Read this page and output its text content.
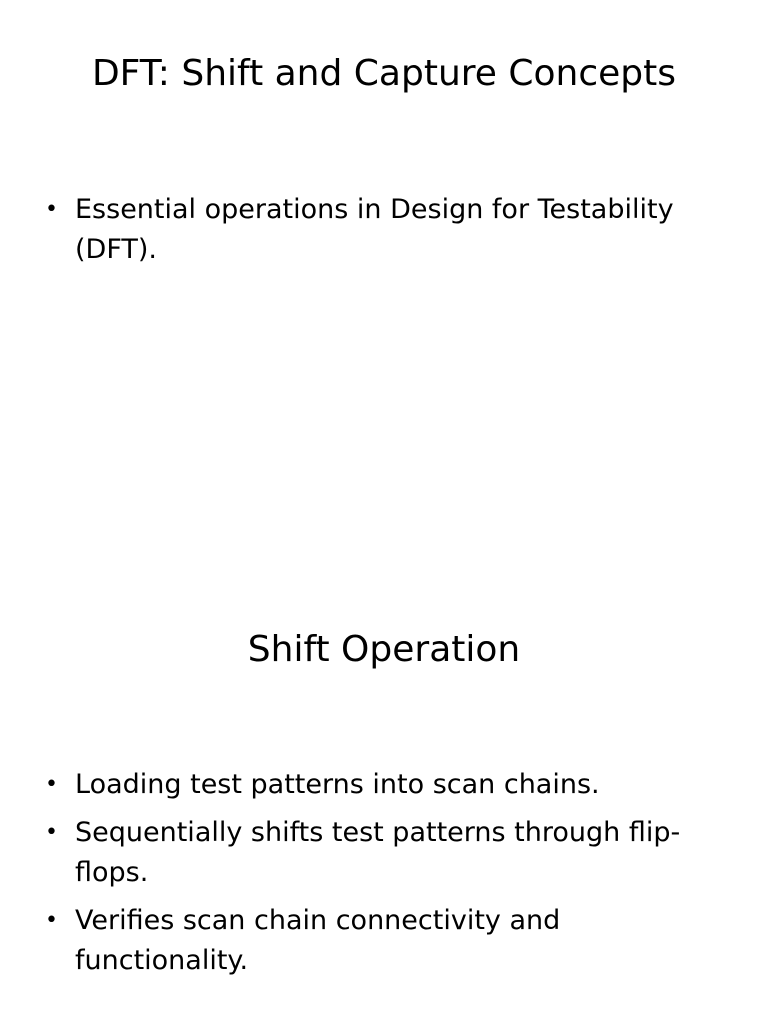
DFT: Shift and Capture Concepts
• Essential operations in Design for Testability (DFT).
Shift Operation
• Loading test patterns into scan chains.
• Sequentially shifts test patterns through flip-flops.
• Verifies scan chain connectivity and functionality.
